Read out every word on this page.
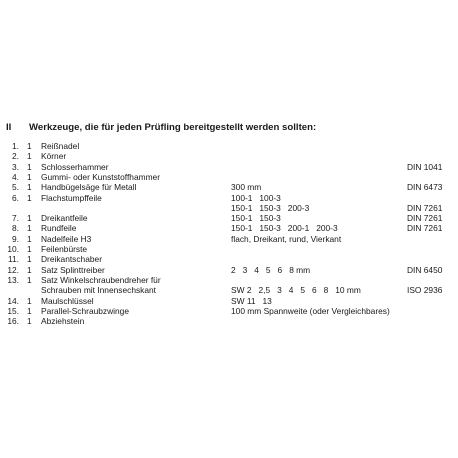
II Werkzeuge, die für jeden Prüfling bereitgestellt werden sollten:
1. 1 Reißnadel
2. 1 Körner
3. 1 Schlosserhammer	DIN 1041
4. 1 Gummi- oder Kunststoffhammer
5. 1 Handbügelsäge für Metall	300 mm	DIN 6473
6. 1 Flachstumpffeile	100-1   100-3
150-1   150-3   200-3	DIN 7261
7. 1 Dreikantfeile	150-1   150-3	DIN 7261
8. 1 Rundfeile	150-1   150-3   200-1   200-3	DIN 7261
9. 1 Nadelfeile H3	flach, Dreikant, rund, Vierkant
10. 1 Feilenbürste
11. 1 Dreikantschaber
12. 1 Satz Splinttreiber	2   3   4   5   6   8 mm	DIN 6450
13. 1 Satz Winkelschraubendreher für
Schrauben mit Innensechskant	SW 2   2,5   3   4   5   6   8   10 mm	ISO 2936
14. 1 Maulschlüssel	SW 11   13
15. 1 Parallel-Schraubzwinge	100 mm Spannweite (oder Vergleichbares)
16. 1 Abziehstein
